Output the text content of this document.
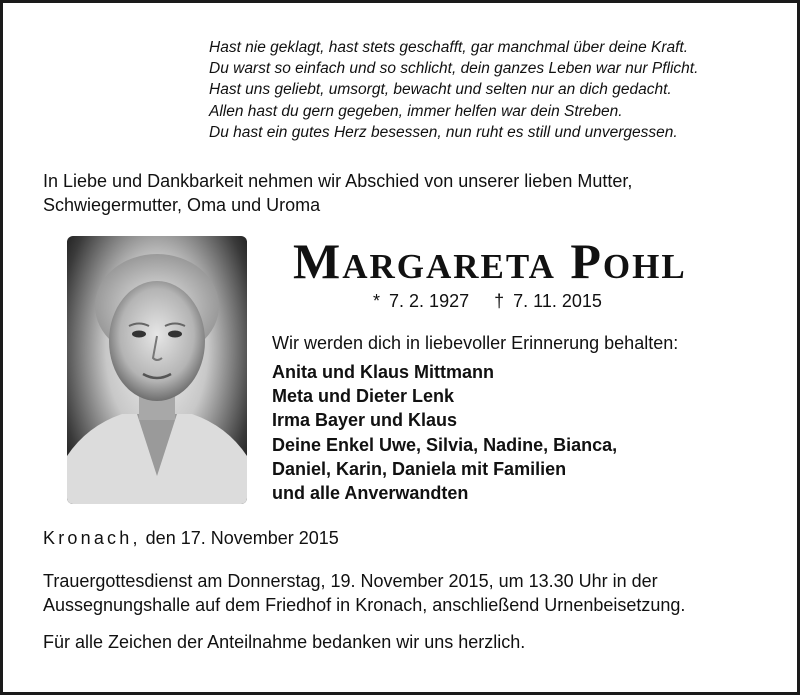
Hast nie geklagt, hast stets geschafft, gar manchmal über deine Kraft.
Du warst so einfach und so schlicht, dein ganzes Leben war nur Pflicht.
Hast uns geliebt, umsorgt, bewacht und selten nur an dich gedacht.
Allen hast du gern gegeben, immer helfen war dein Streben.
Du hast ein gutes Herz besessen, nun ruht es still und unvergessen.
In Liebe und Dankbarkeit nehmen wir Abschied von unserer lieben Mutter,
Schwiegermutter, Oma und Uroma
Margareta Pohl
* 7. 2. 1927 † 7. 11. 2015
Wir werden dich in liebevoller Erinnerung behalten:
Anita und Klaus Mittmann
Meta und Dieter Lenk
Irma Bayer und Klaus
Deine Enkel Uwe, Silvia, Nadine, Bianca,
Daniel, Karin, Daniela mit Familien
und alle Anverwandten
Kronach, den 17. November 2015
Trauergottesdienst am Donnerstag, 19. November 2015, um 13.30 Uhr in der
Aussegnungshalle auf dem Friedhof in Kronach, anschließend Urnenbeisetzung.
Für alle Zeichen der Anteilnahme bedanken wir uns herzlich.
